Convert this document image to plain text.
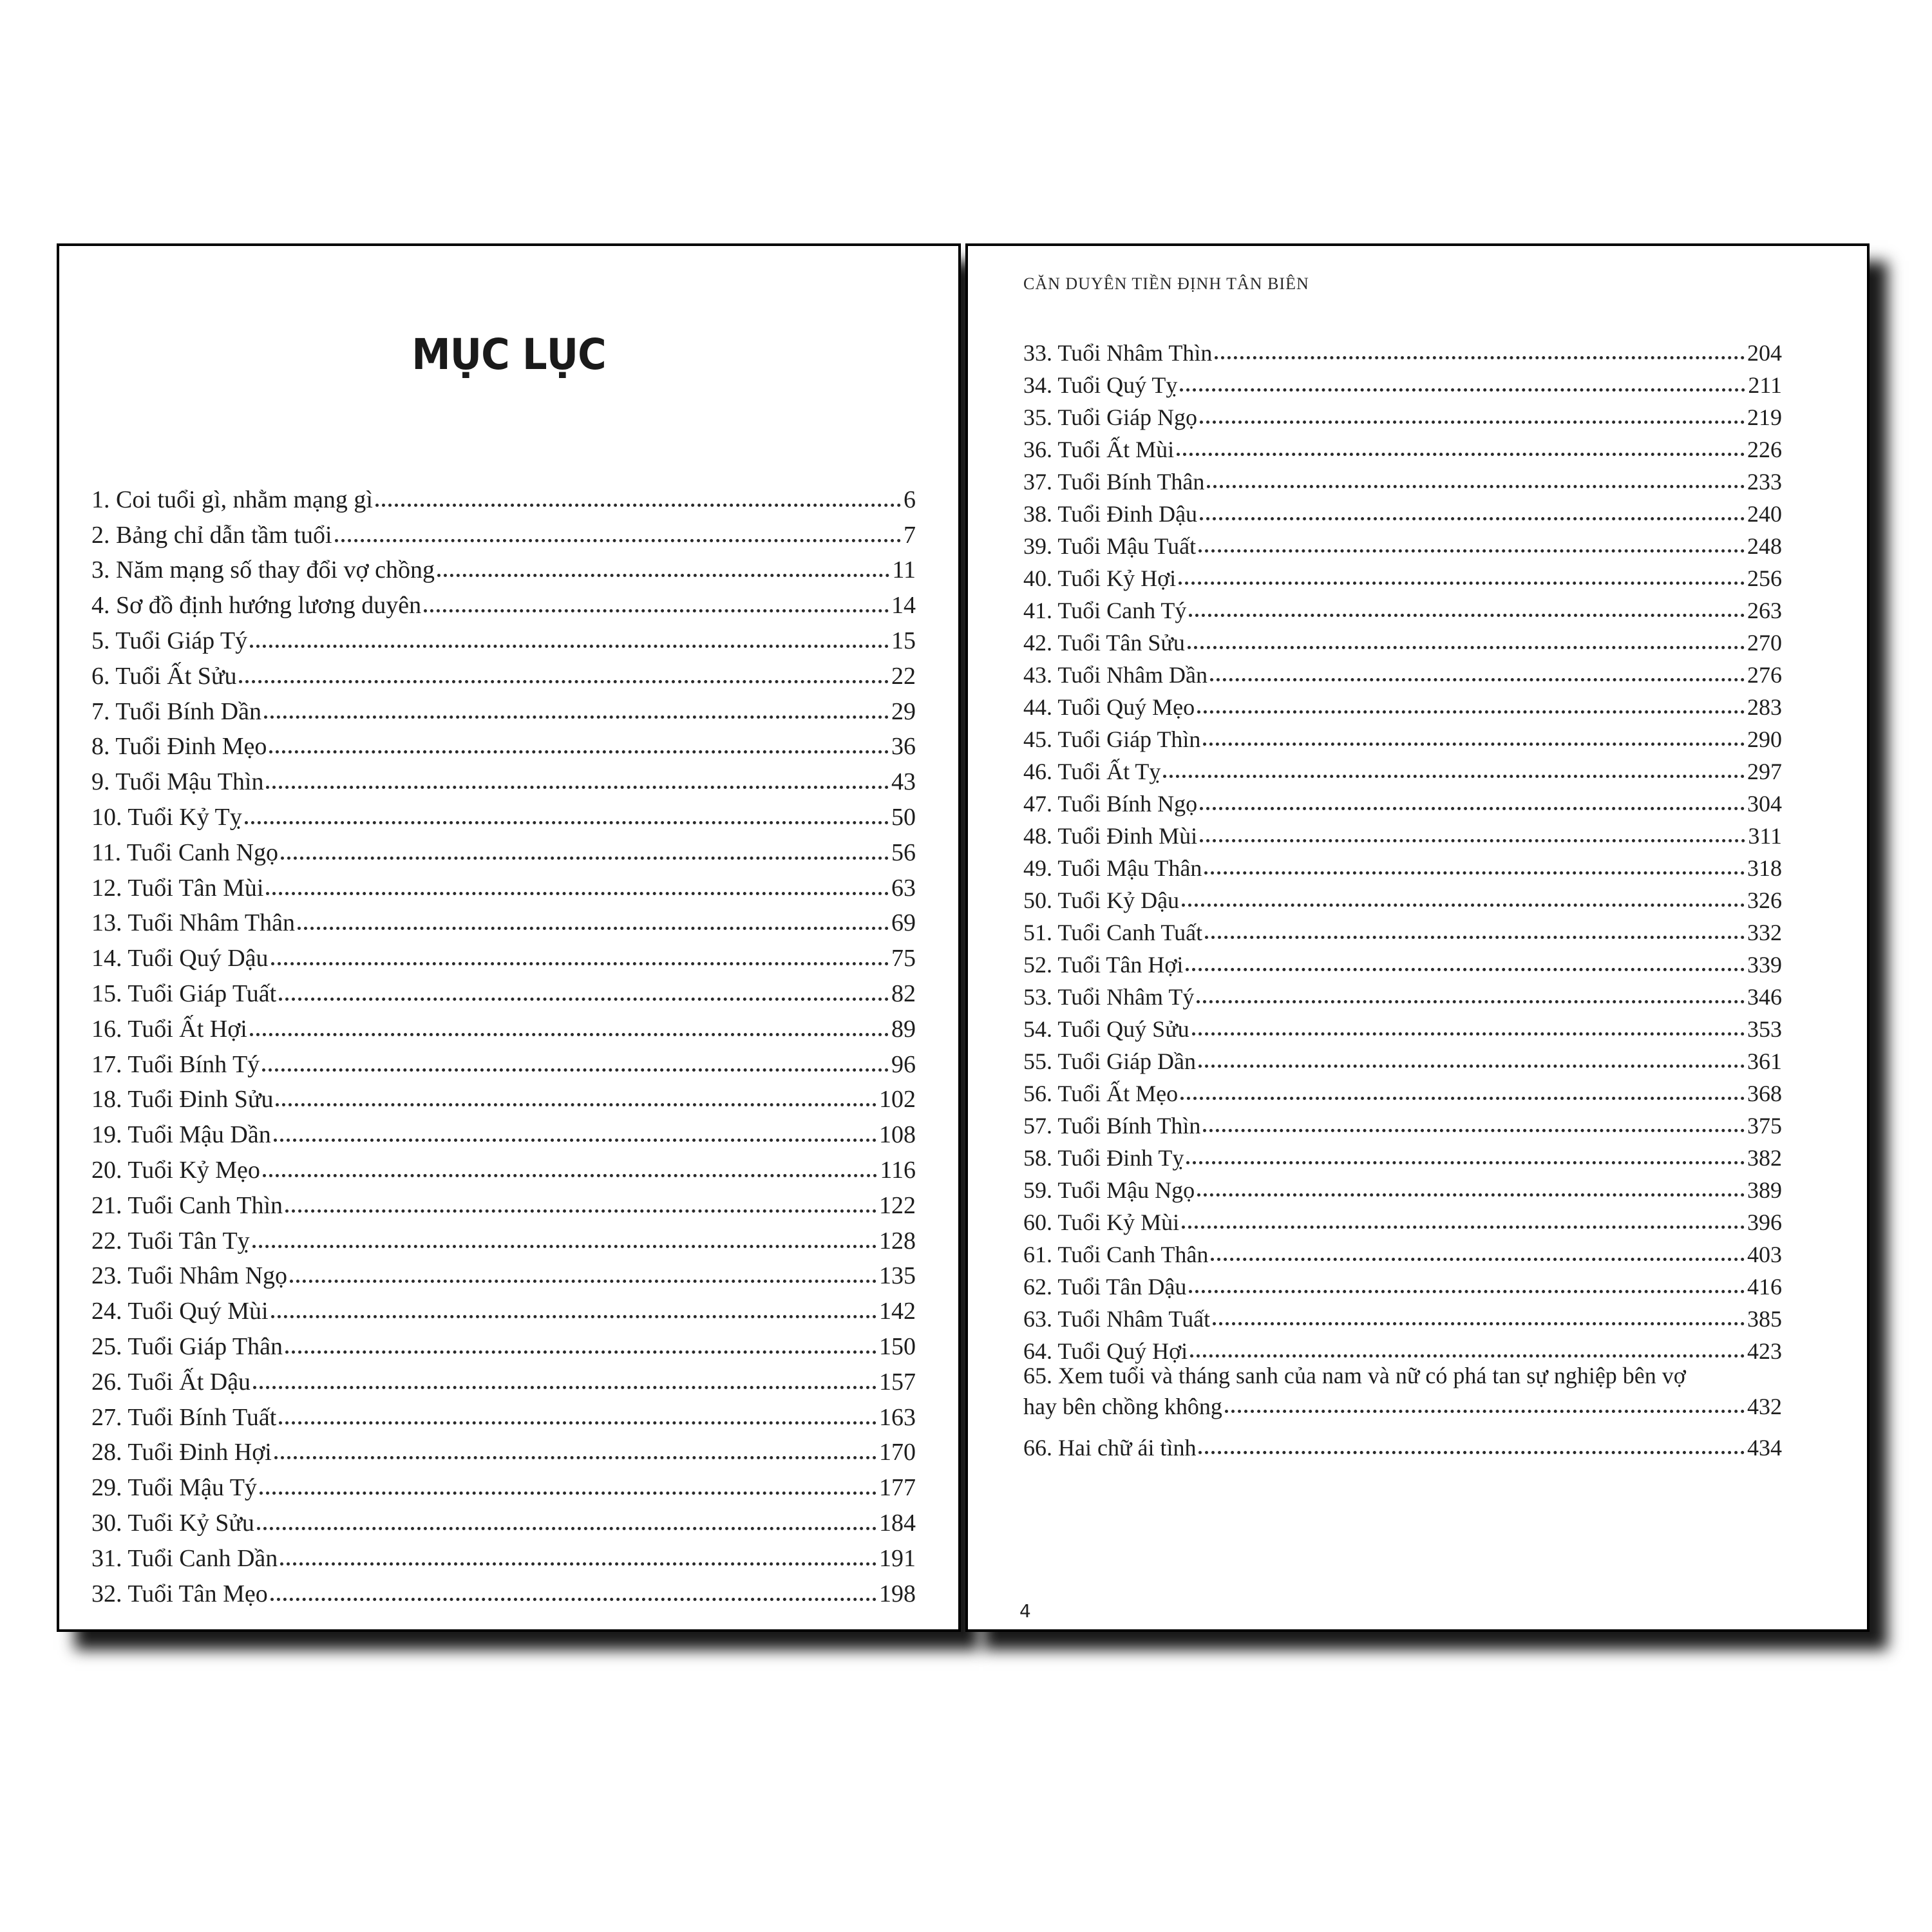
MỤC LỤC
1. Coi tuổi gì, nhằm mạng gì	6
2. Bảng chỉ dẫn tầm tuổi	7
3. Năm mạng số thay đổi vợ chồng	11
4. Sơ đồ định hướng lương duyên	14
5. Tuổi Giáp Tý	15
6. Tuổi Ất Sửu	22
7. Tuổi Bính Dần	29
8. Tuổi Đinh Mẹo	36
9. Tuổi Mậu Thìn	43
10. Tuổi Kỷ Tỵ	50
11. Tuổi Canh Ngọ	56
12. Tuổi Tân Mùi	63
13. Tuổi Nhâm Thân	69
14. Tuổi Quý Dậu	75
15. Tuổi Giáp Tuất	82
16. Tuổi Ất Hợi	89
17. Tuổi Bính Tý	96
18. Tuổi Đinh Sửu	102
19. Tuổi Mậu Dần	108
20. Tuổi Kỷ Mẹo	116
21. Tuổi Canh Thìn	122
22. Tuổi Tân Tỵ	128
23. Tuổi Nhâm Ngọ	135
24. Tuổi Quý Mùi	142
25. Tuổi Giáp Thân	150
26. Tuổi Ất Dậu	157
27. Tuổi Bính Tuất	163
28. Tuổi Đinh Hợi	170
29. Tuổi Mậu Tý	177
30. Tuổi Kỷ Sửu	184
31. Tuổi Canh Dần	191
32. Tuổi Tân Mẹo	198
CĂN DUYÊN TIỀN ĐỊNH TÂN BIÊN
33. Tuổi Nhâm Thìn	204
34. Tuổi Quý Tỵ	211
35. Tuổi Giáp Ngọ	219
36. Tuổi Ất Mùi	226
37. Tuổi Bính Thân	233
38. Tuổi Đinh Dậu	240
39. Tuổi Mậu Tuất	248
40. Tuổi Kỷ Hợi	256
41. Tuổi Canh Tý	263
42. Tuổi Tân Sửu	270
43. Tuổi Nhâm Dần	276
44. Tuổi Quý Mẹo	283
45. Tuổi Giáp Thìn	290
46. Tuổi Ất Tỵ	297
47. Tuổi Bính Ngọ	304
48. Tuổi Đinh Mùi	311
49. Tuổi Mậu Thân	318
50. Tuổi Kỷ Dậu	326
51. Tuổi Canh Tuất	332
52. Tuổi Tân Hợi	339
53. Tuổi Nhâm Tý	346
54. Tuổi Quý Sửu	353
55. Tuổi Giáp Dần	361
56. Tuổi Ất Mẹo	368
57. Tuổi Bính Thìn	375
58. Tuổi Đinh Tỵ	382
59. Tuổi Mậu Ngọ	389
60. Tuổi Kỷ Mùi	396
61. Tuổi Canh Thân	403
62. Tuổi Tân Dậu	416
63. Tuổi Nhâm Tuất	385
64. Tuổi Quý Hợi	423
65. Xem tuổi và tháng sanh của nam và nữ có phá tan sự nghiệp bên vợ
hay bên chồng không	432
66. Hai chữ ái tình	434
4
